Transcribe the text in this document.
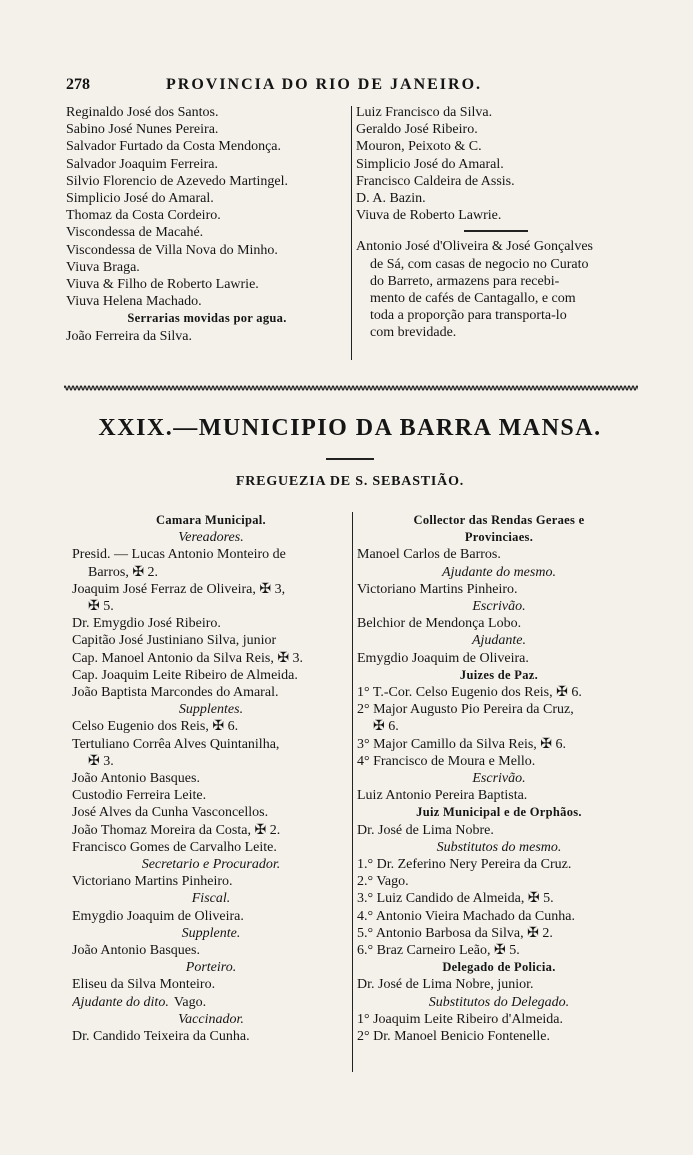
278	PROVINCIA DO RIO DE JANEIRO.
Reginaldo José dos Santos.
Sabino José Nunes Pereira.
Salvador Furtado da Costa Mendonça.
Salvador Joaquim Ferreira.
Silvio Florencio de Azevedo Martingel.
Simplicio José do Amaral.
Thomaz da Costa Cordeiro.
Viscondessa de Macahé.
Viscondessa de Villa Nova do Minho.
Viuva Braga.
Viuva & Filho de Roberto Lawrie.
Viuva Helena Machado.
Serrarias movidas por agua.
João Ferreira da Silva.
Luiz Francisco da Silva.
Geraldo José Ribeiro.
Mouron, Peixoto & C.
Simplicio José do Amaral.
Francisco Caldeira de Assis.
D. A. Bazin.
Viuva de Roberto Lawrie.
Antonio José d'Oliveira & José Gonçalves
de Sá, com casas de negocio no Curato
do Barreto, armazens para recebi-
mento de cafés de Cantagallo, e com
toda a proporção para transporta-lo
com brevidade.
XXIX.—MUNICIPIO DA BARRA MANSA.
FREGUEZIA DE S. SEBASTIÃO.
Camara Municipal.
Vereadores.
Presid. — Lucas Antonio Monteiro de
Barros, ✠ 2.
Joaquim José Ferraz de Oliveira, ✠ 3,
✠ 5.
Dr. Emygdio José Ribeiro.
Capitão José Justiniano Silva, junior
Cap. Manoel Antonio da Silva Reis, ✠ 3.
Cap. Joaquim Leite Ribeiro de Almeida.
João Baptista Marcondes do Amaral.
Supplentes.
Celso Eugenio dos Reis, ✠ 6.
Tertuliano Corrêa Alves Quintanilha,
✠ 3.
João Antonio Basques.
Custodio Ferreira Leite.
José Alves da Cunha Vasconcellos.
João Thomaz Moreira da Costa, ✠ 2.
Francisco Gomes de Carvalho Leite.
Secretario e Procurador.
Victoriano Martins Pinheiro.
Fiscal.
Emygdio Joaquim de Oliveira.
Supplente.
João Antonio Basques.
Porteiro.
Eliseu da Silva Monteiro.
Ajudante do dito. Vago.
Vaccinador.
Dr. Candido Teixeira da Cunha.
Collector das Rendas Geraes e
Provinciaes.
Manoel Carlos de Barros.
Ajudante do mesmo.
Victoriano Martins Pinheiro.
Escrivão.
Belchior de Mendonça Lobo.
Ajudante.
Emygdio Joaquim de Oliveira.
Juizes de Paz.
1° T.-Cor. Celso Eugenio dos Reis, ✠ 6.
2° Major Augusto Pio Pereira da Cruz,
✠ 6.
3° Major Camillo da Silva Reis, ✠ 6.
4° Francisco de Moura e Mello.
Escrivão.
Luiz Antonio Pereira Baptista.
Juiz Municipal e de Orphãos.
Dr. José de Lima Nobre.
Substitutos do mesmo.
1.° Dr. Zeferino Nery Pereira da Cruz.
2.° Vago.
3.° Luiz Candido de Almeida, ✠ 5.
4.° Antonio Vieira Machado da Cunha.
5.° Antonio Barbosa da Silva, ✠ 2.
6.° Braz Carneiro Leão, ✠ 5.
Delegado de Policia.
Dr. José de Lima Nobre, junior.
Substitutos do Delegado.
1° Joaquim Leite Ribeiro d'Almeida.
2° Dr. Manoel Benicio Fontenelle.
